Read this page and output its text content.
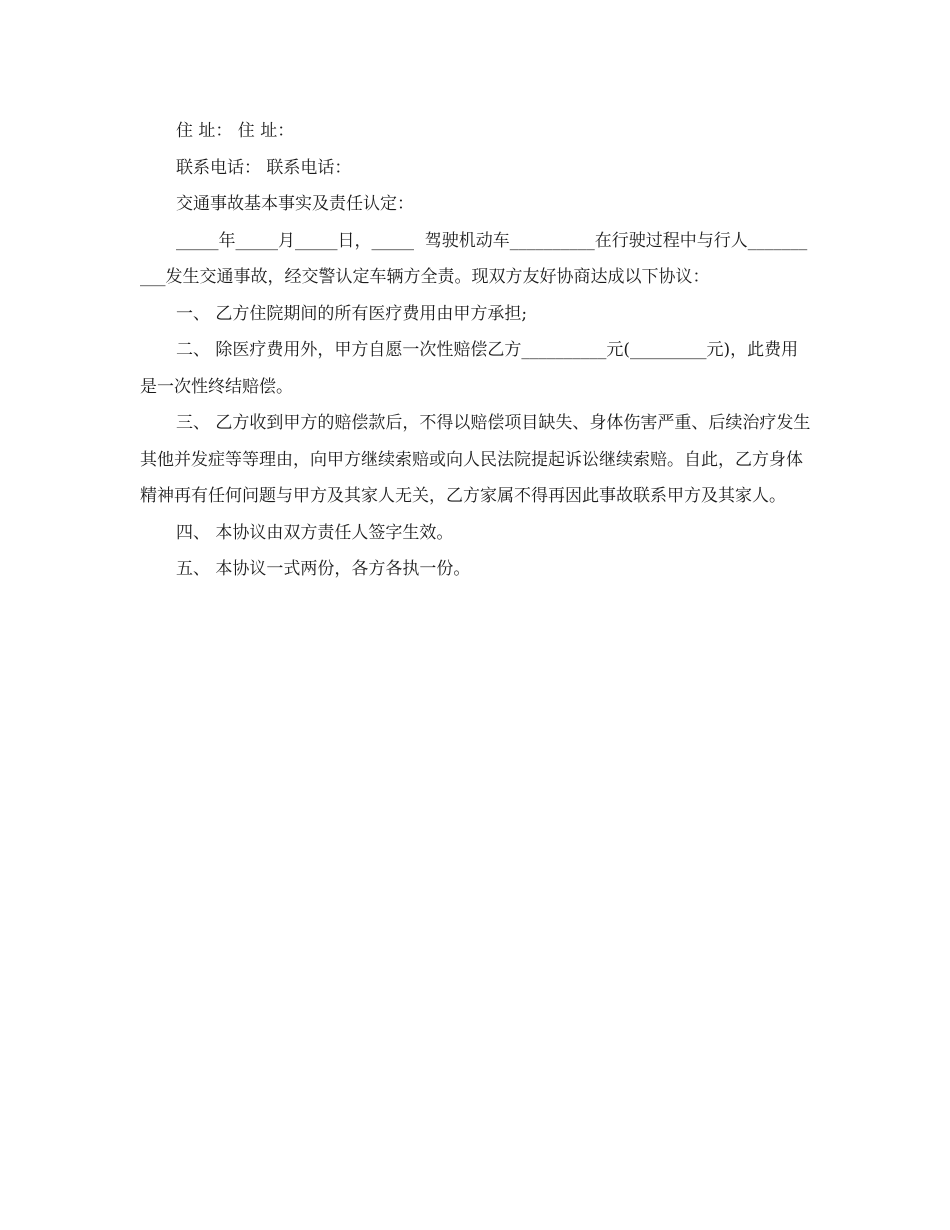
住 址： 住 址：

联系电话： 联系电话：

交通事故基本事实及责任认定：

_____年_____月_____日，_____  驾驶机动车__________在行驶过程中与行人__________发生交通事故，经交警认定车辆方全责。现双方友好协商达成以下协议：

一、 乙方住院期间的所有医疗费用由甲方承担;

二、 除医疗费用外，甲方自愿一次性赔偿乙方__________元(_________元)，此费用是一次性终结赔偿。

三、 乙方收到甲方的赔偿款后，不得以赔偿项目缺失、身体伤害严重、后续治疗发生其他并发症等等理由，向甲方继续索赔或向人民法院提起诉讼继续索赔。自此，乙方身体精神再有任何问题与甲方及其家人无关，乙方家属不得再因此事故联系甲方及其家人。

四、 本协议由双方责任人签字生效。

五、 本协议一式两份，各方各执一份。
